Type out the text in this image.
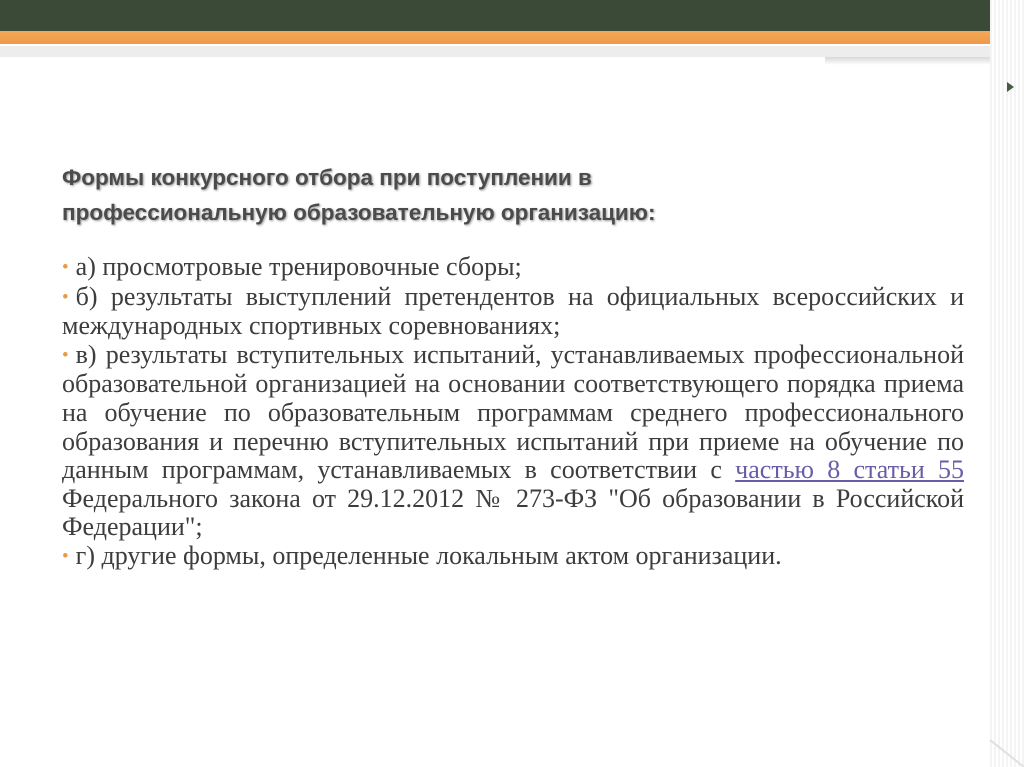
Формы конкурсного отбора при поступлении в профессиональную образовательную организацию:
• а) просмотровые тренировочные сборы;
• б) результаты выступлений претендентов на официальных всероссийских и международных спортивных соревнованиях;
• в) результаты вступительных испытаний, устанавливаемых профессиональной образовательной организацией на основании соответствующего порядка приема на обучение по образовательным программам среднего профессионального образования и перечню вступительных испытаний при приеме на обучение по данным программам, устанавливаемых в соответствии с частью 8 статьи 55 Федерального закона от 29.12.2012 № 273-ФЗ "Об образовании в Российской Федерации";
• г) другие формы, определенные локальным актом организации.
